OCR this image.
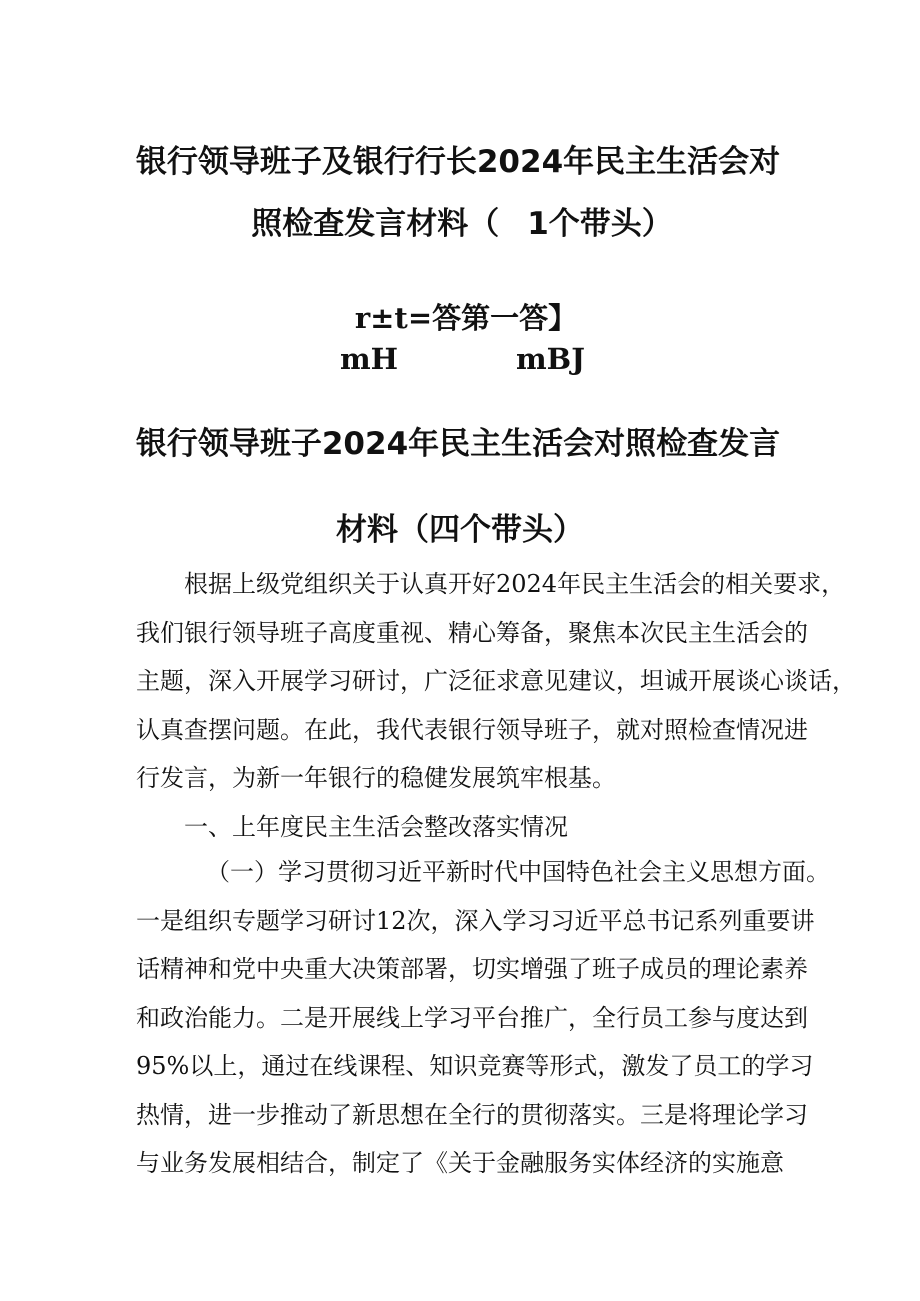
银行领导班子及银行行长2024年民主生活会对
照检查发言材料（ 1个带头）
r±t=答第一答】
mH	mBJ
银行领导班子2024年民主生活会对照检查发言
材料（四个带头）
根据上级党组织关于认真开好2024年民主生活会的相关要求，
我们银行领导班子高度重视、精心筹备，聚焦本次民主生活会的
主题，深入开展学习研讨，广泛征求意见建议，坦诚开展谈心谈话，
认真查摆问题。在此，我代表银行领导班子，就对照检查情况进
行发言，为新一年银行的稳健发展筑牢根基。
一、上年度民主生活会整改落实情况
（一）学习贯彻习近平新时代中国特色社会主义思想方面。
一是组织专题学习研讨12次，深入学习习近平总书记系列重要讲
话精神和党中央重大决策部署，切实增强了班子成员的理论素养
和政治能力。二是开展线上学习平台推广，全行员工参与度达到
95%以上，通过在线课程、知识竞赛等形式，激发了员工的学习
热情，进一步推动了新思想在全行的贯彻落实。三是将理论学习
与业务发展相结合，制定了《关于金融服务实体经济的实施意
